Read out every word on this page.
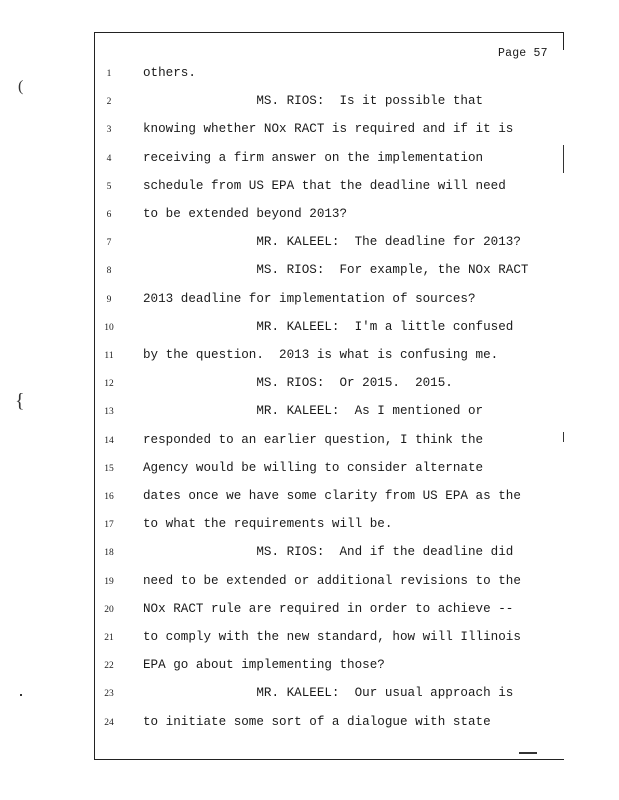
Page 57
1	others.
2	MS. RIOS:  Is it possible that
3	knowing whether NOx RACT is required and if it is
4	receiving a firm answer on the implementation
5	schedule from US EPA that the deadline will need
6	to be extended beyond 2013?
7	MR. KALEEL:  The deadline for 2013?
8	MS. RIOS:  For example, the NOx RACT
9	2013 deadline for implementation of sources?
10	MR. KALEEL:  I'm a little confused
11	by the question.  2013 is what is confusing me.
12	MS. RIOS:  Or 2015.  2015.
13	MR. KALEEL:  As I mentioned or
14	responded to an earlier question, I think the
15	Agency would be willing to consider alternate
16	dates once we have some clarity from US EPA as the
17	to what the requirements will be.
18	MS. RIOS:  And if the deadline did
19	need to be extended or additional revisions to the
20	NOx RACT rule are required in order to achieve --
21	to comply with the new standard, how will Illinois
22	EPA go about implementing those?
23	MR. KALEEL:  Our usual approach is
24	to initiate some sort of a dialogue with state
(
{
